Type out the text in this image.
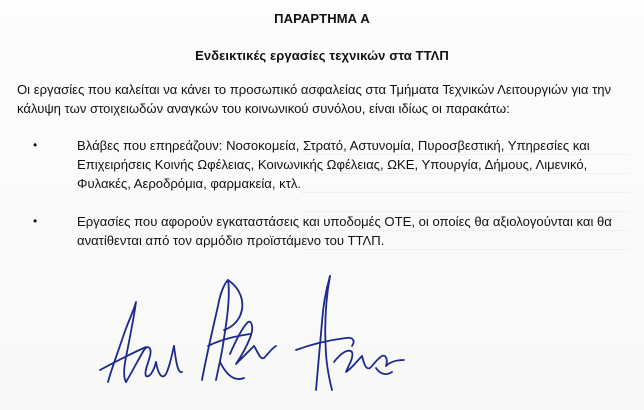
ΠΑΡΑΡΤΗΜΑ Α
Ενδεικτικές εργασίες τεχνικών στα ΤΤΛΠ

Οι εργασίες που καλείται να κάνει το προσωπικό ασφαλείας στα Τμήματα Τεχνικών Λειτουργιών για την κάλυψη των στοιχειωδών αναγκών του κοινωνικού συνόλου, είναι ιδίως οι παρακάτω:

•	Βλάβες που επηρεάζουν: Νοσοκομεία, Στρατό, Αστυνομία, Πυροσβεστική, Υπηρεσίες και Επιχειρήσεις Κοινής Ωφέλειας, Κοινωνικής Ωφέλειας, ΩΚΕ, Υπουργία, Δήμους, Λιμενικό, Φυλακές, Αεροδρόμια, φαρμακεία, κτλ.

•	Εργασίες που αφορούν εγκαταστάσεις και υποδομές ΟΤΕ, οι οποίες θα αξιολογούνται και θα ανατίθενται από τον αρμόδιο προϊστάμενο του ΤΤΛΠ.
